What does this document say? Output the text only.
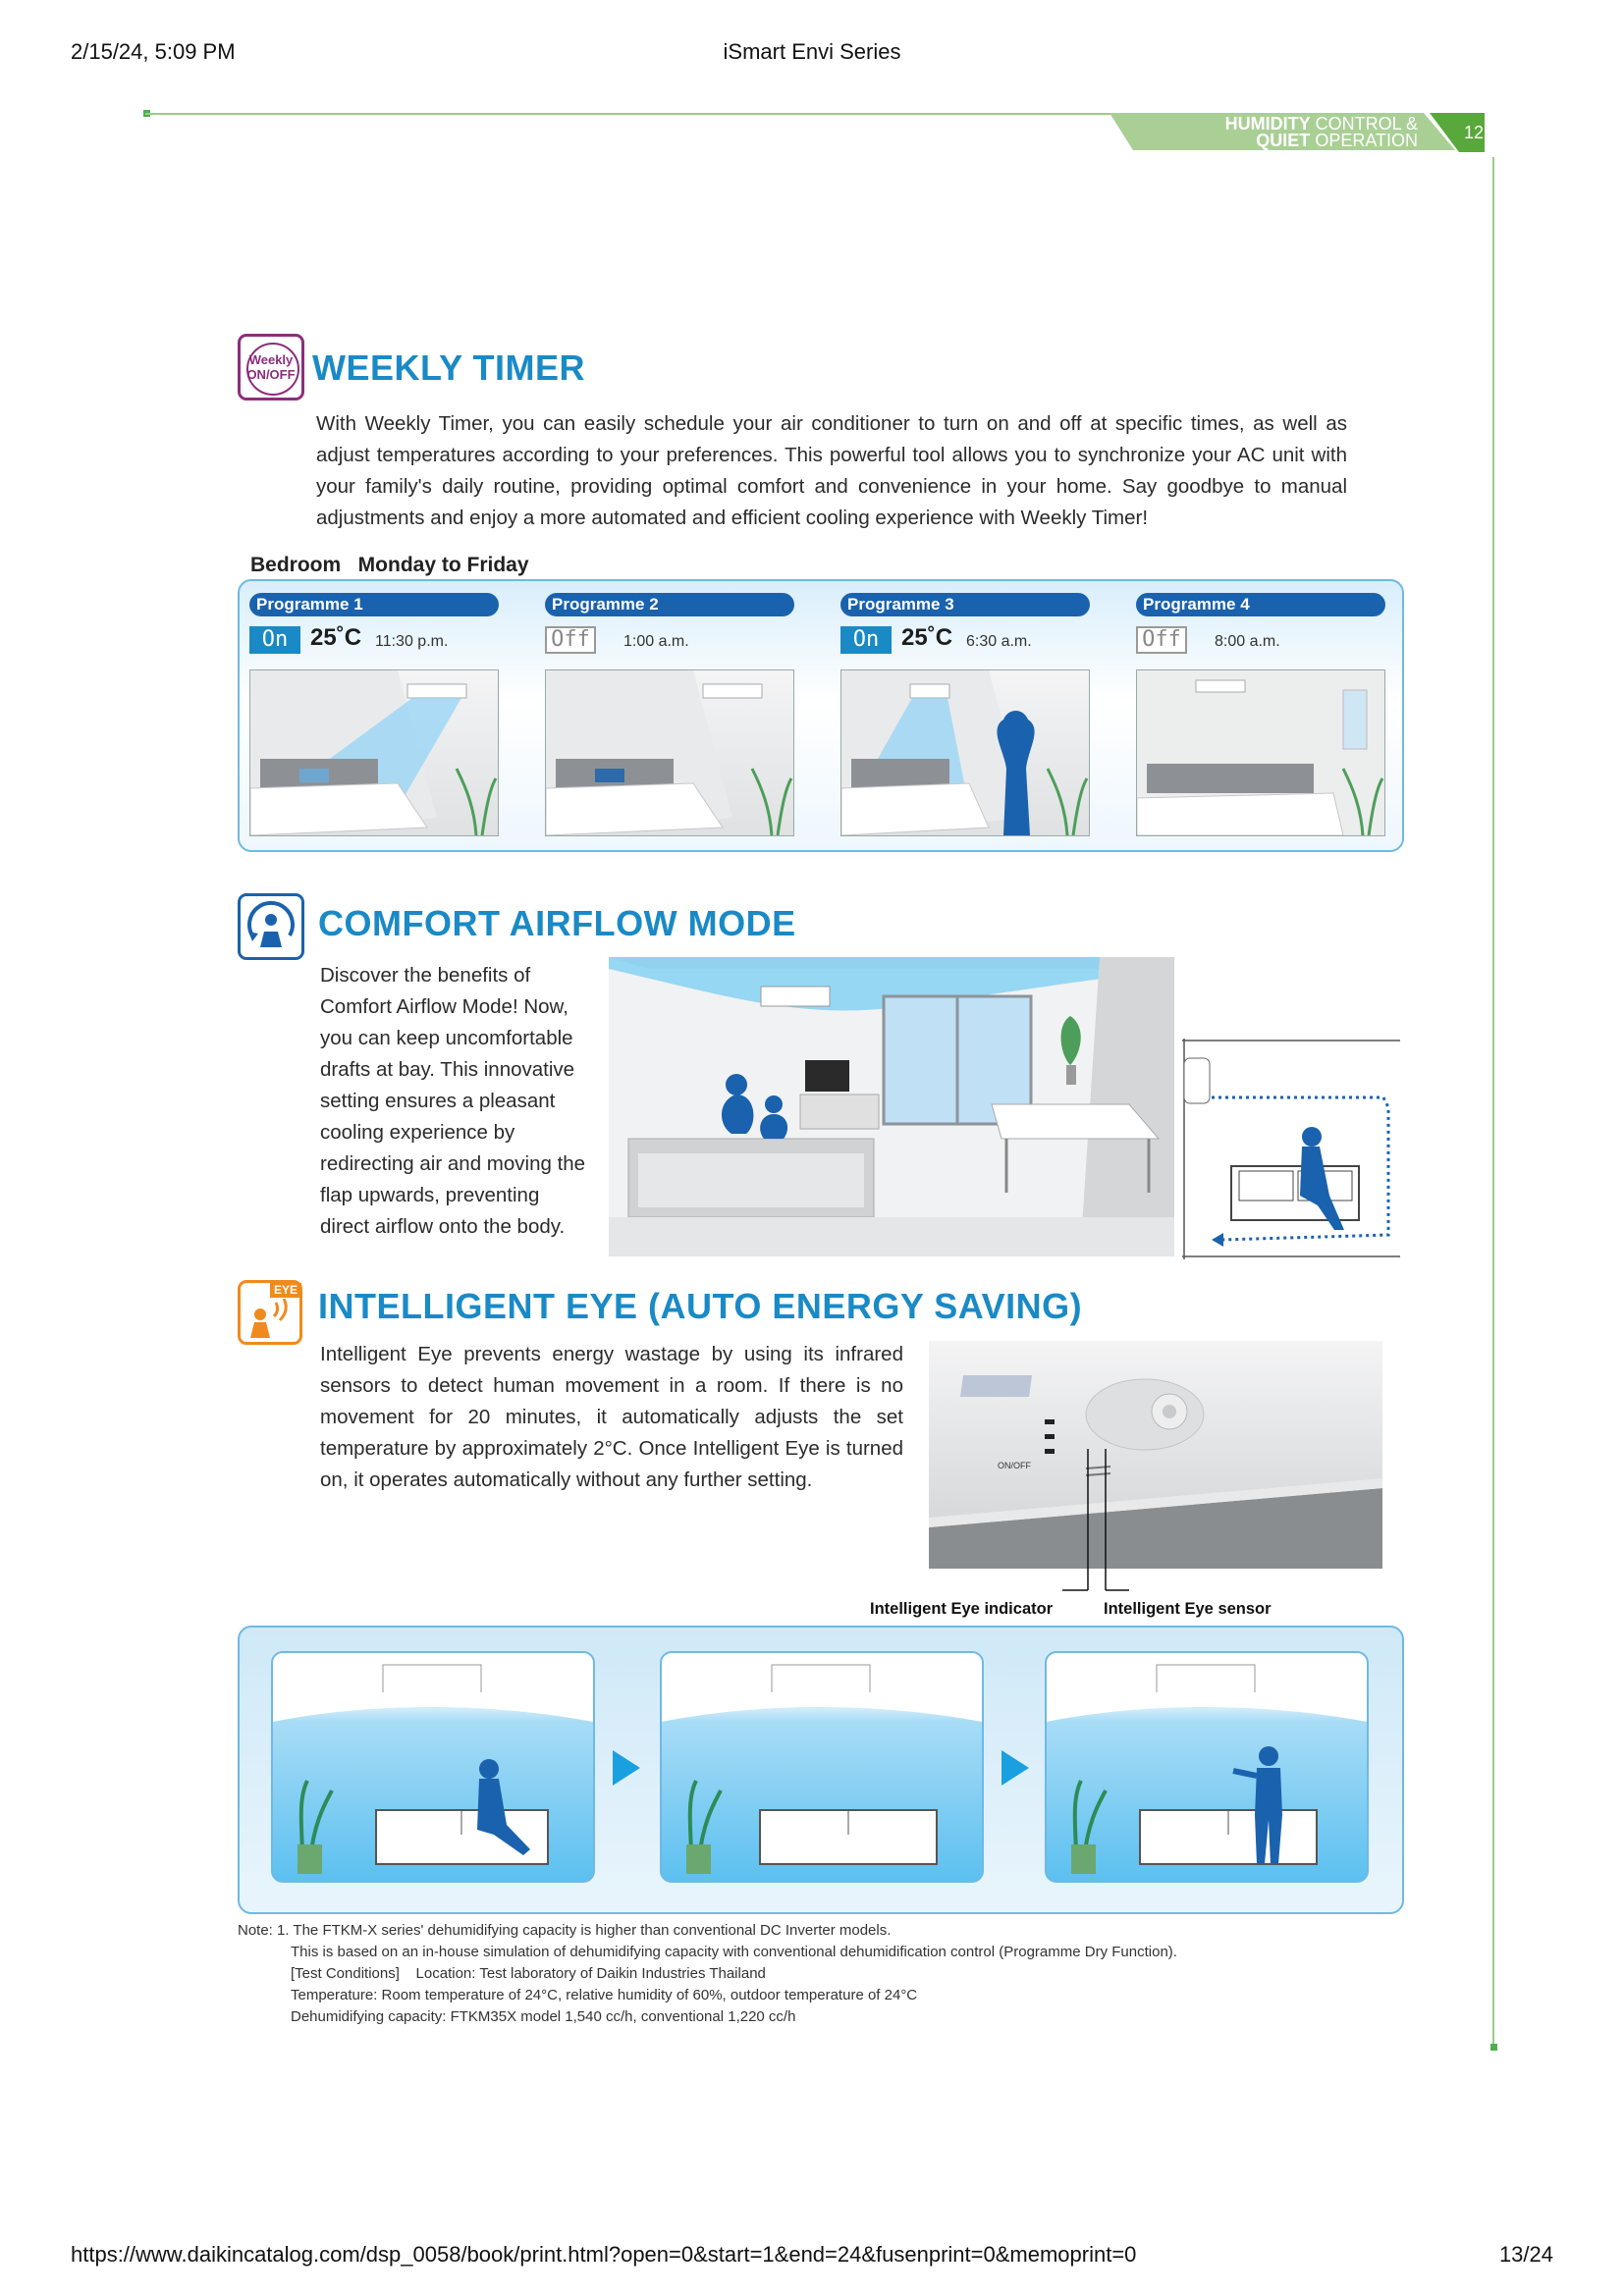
2/15/24, 5:09 PM	iSmart Envi Series
HUMIDITY CONTROL &
QUIET OPERATION	12
Weekly
ON/OFF WEEKLY TIMER
With Weekly Timer, you can easily schedule your air conditioner to turn on and off at specific times, as well as adjust temperatures according to your preferences. This powerful tool allows you to synchronize your AC unit with your family's daily routine, providing optimal comfort and convenience in your home. Say goodbye to manual adjustments and enjoy a more automated and efficient cooling experience with Weekly Timer!
Bedroom   Monday to Friday
Programme 1
On 25˚C 11:30 p.m.
Programme 2
Off	1:00 a.m.
Programme 3
On 25˚C 6:30 a.m.
Programme 4
Off	8:00 a.m.
COMFORT AIRFLOW MODE
Discover the benefits of
Comfort Airflow Mode! Now,
you can keep uncomfortable
drafts at bay. This innovative
setting ensures a pleasant
cooling experience by
redirecting air and moving the
flap upwards, preventing
direct airflow onto the body.
EYE INTELLIGENT EYE (AUTO ENERGY SAVING)
Intelligent Eye prevents energy wastage by using its infrared sensors to detect human movement in a room. If there is no movement for 20 minutes, it automatically adjusts the set temperature by approximately 2°C. Once Intelligent Eye is turned on, it operates automatically without any further setting.
ON/OFF
Intelligent Eye indicator	Intelligent Eye sensor
Note: 1. The FTKM-X series' dehumidifying capacity is higher than conventional DC Inverter models.
This is based on an in-house simulation of dehumidifying capacity with conventional dehumidification control (Programme Dry Function).
[Test Conditions]    Location: Test laboratory of Daikin Industries Thailand
Temperature: Room temperature of 24°C, relative humidity of 60%, outdoor temperature of 24°C
Dehumidifying capacity: FTKM35X model 1,540 cc/h, conventional 1,220 cc/h
https://www.daikincatalog.com/dsp_0058/book/print.html?open=0&start=1&end=24&fusenprint=0&memoprint=0	13/24
